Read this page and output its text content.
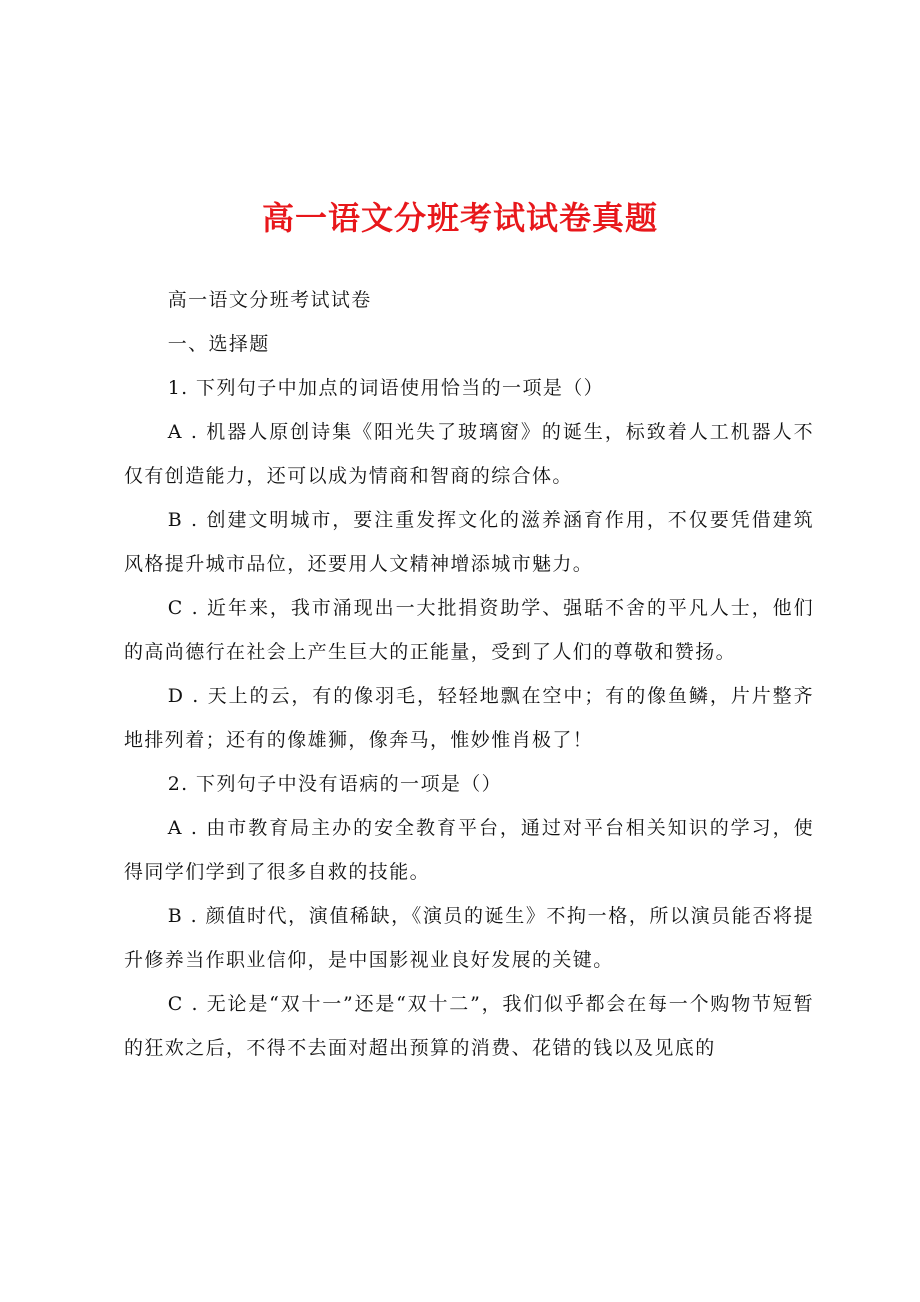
高一语文分班考试试卷真题

高一语文分班考试试卷

一、选择题

1. 下列句子中加点的词语使用恰当的一项是（）

A . 机器人原创诗集《阳光失了玻璃窗》的诞生，标致着人工机器人不仅有创造能力，还可以成为情商和智商的综合体。

B . 创建文明城市，要注重发挥文化的滋养涵育作用，不仅要凭借建筑风格提升城市品位，还要用人文精神增添城市魅力。

C . 近年来，我市涌现出一大批捐资助学、强聒不舍的平凡人士，他们的高尚德行在社会上产生巨大的正能量，受到了人们的尊敬和赞扬。

D . 天上的云，有的像羽毛，轻轻地飘在空中；有的像鱼鳞，片片整齐地排列着；还有的像雄狮，像奔马，惟妙惟肖极了！

2. 下列句子中没有语病的一项是（）

A . 由市教育局主办的安全教育平台，通过对平台相关知识的学习，使得同学们学到了很多自救的技能。

B . 颜值时代，演值稀缺，《演员的诞生》不拘一格，所以演员能否将提升修养当作职业信仰，是中国影视业良好发展的关键。

C . 无论是“双十一”还是“双十二”，我们似乎都会在每一个购物节短暂的狂欢之后，不得不去面对超出预算的消费、花错的钱以及见底的
